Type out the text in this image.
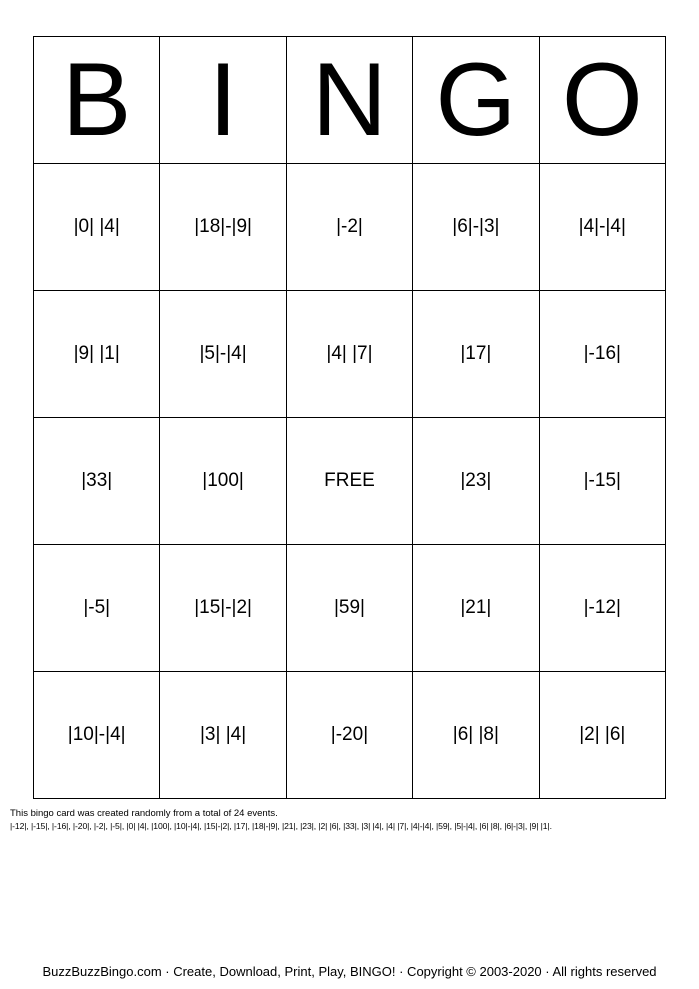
B	I	N	G	O
|0| |4|	|18|-|9|	|-2|	|6|-|3|	|4|-|4|
|9| |1|	|5|-|4|	|4| |7|	|17|	|-16|
|33|	|100|	FREE	|23|	|-15|
|-5|	|15|-|2|	|59|	|21|	|-12|
|10|-|4|	|3| |4|	|-20|	|6| |8|	|2| |6|
This bingo card was created randomly from a total of 24 events.
|-12|, |-15|, |-16|, |-20|, |-2|, |-5|, |0| |4|, |100|, |10|-|4|, |15|-|2|, |17|, |18|-|9|, |21|, |23|, |2| |6|, |33|, |3| |4|, |4| |7|, |4|-|4|, |59|, |5|-|4|, |6| |8|, |6|-|3|, |9| |1|.
BuzzBuzzBingo.com · Create, Download, Print, Play, BINGO! · Copyright © 2003-2020 · All rights reserved
